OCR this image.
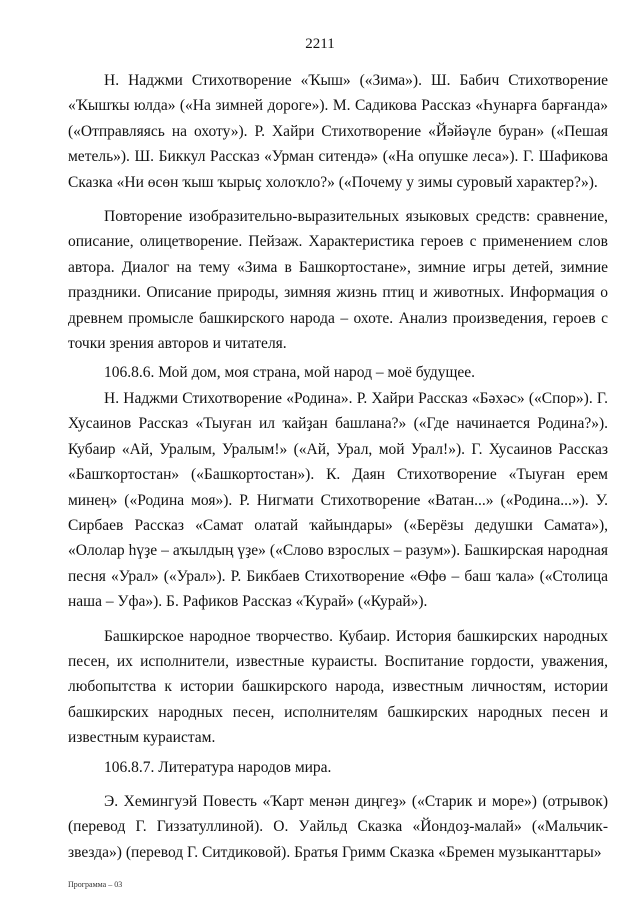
2211

Н. Наджми Стихотворение «Ҡыш» («Зима»). Ш. Бабич Стихотворение «Ҡышҡы юлда» («На зимней дороге»). М. Садикова Рассказ «Һунарға барғанда» («Отправляясь на охоту»). Р. Хайри Стихотворение «Йәйәүле буран» («Пешая метель»). Ш. Биккул Рассказ «Урман ситендә» («На опушке леса»). Г. Шафикова Сказка «Ни өсөн ҡыш ҡырыҫ холоҡло?» («Почему у зимы суровый характер?»).

Повторение изобразительно-выразительных языковых средств: сравнение, описание, олицетворение. Пейзаж. Характеристика героев с применением слов автора. Диалог на тему «Зима в Башкортостане», зимние игры детей, зимние праздники. Описание природы, зимняя жизнь птиц и животных. Информация о древнем промысле башкирского народа – охоте. Анализ произведения, героев с точки зрения авторов и читателя.

106.8.6. Мой дом, моя страна, мой народ – моё будущее.

Н. Наджми Стихотворение «Родина». Р. Хайри Рассказ «Бәхәс» («Спор»). Г. Хусаинов Рассказ «Тыуған ил ҡайҙан башлана?» («Где начинается Родина?»). Кубаир «Ай, Уралым, Уралым!» («Ай, Урал, мой Урал!»). Г. Хусаинов Рассказ «Башҡортостан» («Башкортостан»). К. Даян Стихотворение «Тыуған ерем минең» («Родина моя»). Р. Нигмати Стихотворение «Ватан...» («Родина...»). У. Сирбаев Рассказ «Самат олатай ҡайындары» («Берёзы дедушки Самата»), «Ололар һүҙе – аҡылдың үҙе» («Слово взрослых – разум»). Башкирская народная песня «Урал» («Урал»). Р. Бикбаев Стихотворение «Өфө – баш ҡала» («Столица наша – Уфа»). Б. Рафиков Рассказ «Ҡурай» («Курай»).

Башкирское народное творчество. Кубаир. История башкирских народных песен, их исполнители, известные кураисты. Воспитание гордости, уважения, любопытства к истории башкирского народа, известным личностям, истории башкирских народных песен, исполнителям башкирских народных песен и известным кураистам.

106.8.7. Литература народов мира.

Э. Хемингуэй Повесть «Ҡарт менән диңгеҙ» («Старик и море») (отрывок) (перевод Г. Гиззатуллиной). О. Уайльд Сказка «Йондоҙ-малай» («Мальчик-звезда») (перевод Г. Ситдиковой). Братья Гримм Сказка «Бремен музыканттары»

Программа – 03
